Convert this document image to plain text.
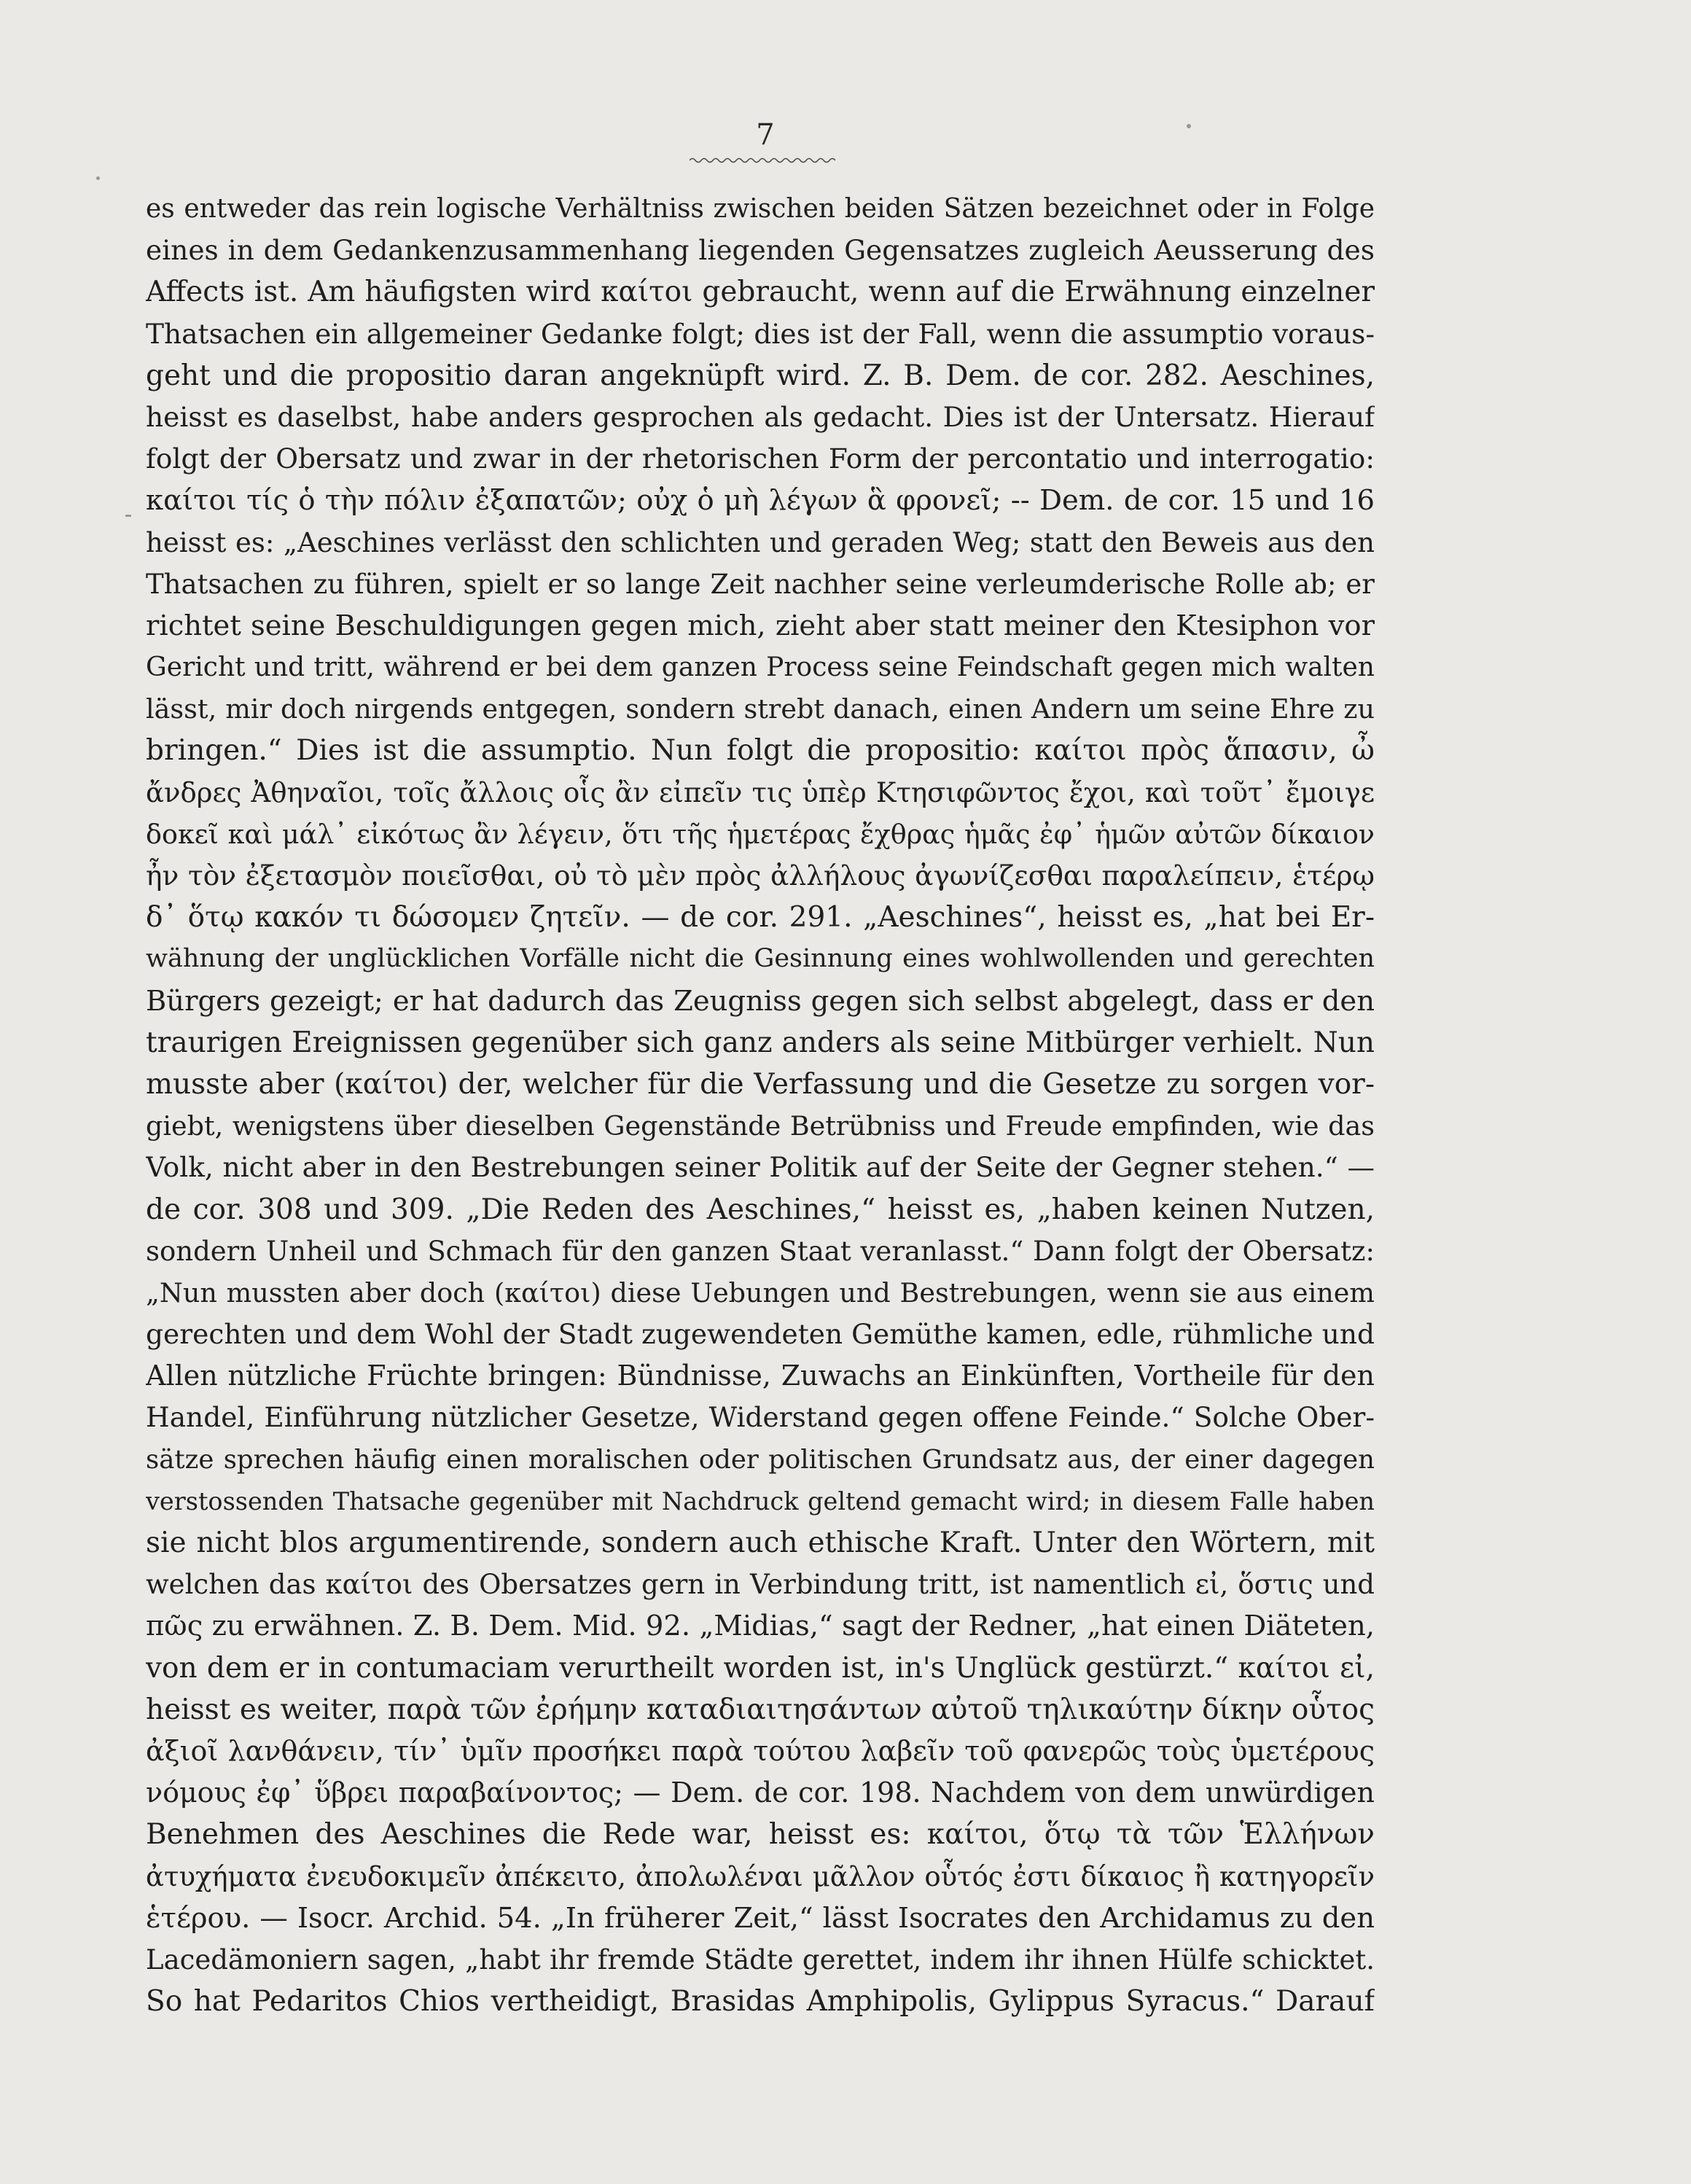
7
es entweder das rein logische Verhältniss zwischen beiden Sätzen bezeichnet oder in Folge
eines in dem Gedankenzusammenhang liegenden Gegensatzes zugleich Aeusserung des
Affects ist. Am häufigsten wird καίτοι gebraucht, wenn auf die Erwähnung einzelner
Thatsachen ein allgemeiner Gedanke folgt; dies ist der Fall, wenn die assumptio voraus-
geht und die propositio daran angeknüpft wird. Z. B. Dem. de cor. 282. Aeschines,
heisst es daselbst, habe anders gesprochen als gedacht. Dies ist der Untersatz. Hierauf
folgt der Obersatz und zwar in der rhetorischen Form der percontatio und interrogatio:
καίτοι τίς ὁ τὴν πόλιν ἐξαπατῶν; οὐχ ὁ μὴ λέγων ἃ φρονεῖ; -- Dem. de cor. 15 und 16
heisst es: „Aeschines verlässt den schlichten und geraden Weg; statt den Beweis aus den
Thatsachen zu führen, spielt er so lange Zeit nachher seine verleumderische Rolle ab; er
richtet seine Beschuldigungen gegen mich, zieht aber statt meiner den Ktesiphon vor
Gericht und tritt, während er bei dem ganzen Process seine Feindschaft gegen mich walten
lässt, mir doch nirgends entgegen, sondern strebt danach, einen Andern um seine Ehre zu
bringen.“ Dies ist die assumptio. Nun folgt die propositio: καίτοι πρὸς ἅπασιν, ὦ
ἄνδρες Ἀθηναῖοι, τοῖς ἄλλοις οἷς ἂν εἰπεῖν τις ὑπὲρ Κτησιφῶντος ἔχοι, καὶ τοῦτ᾽ ἔμοιγε
δοκεῖ καὶ μάλ᾽ εἰκότως ἂν λέγειν, ὅτι τῆς ἡμετέρας ἔχθρας ἡμᾶς ἐφ᾽ ἡμῶν αὐτῶν δίκαιον
ἦν τὸν ἐξετασμὸν ποιεῖσθαι, οὐ τὸ μὲν πρὸς ἀλλήλους ἀγωνίζεσθαι παραλείπειν, ἑτέρῳ
δ᾽ ὅτῳ κακόν τι δώσομεν ζητεῖν. — de cor. 291. „Aeschines“, heisst es, „hat bei Er-
wähnung der unglücklichen Vorfälle nicht die Gesinnung eines wohlwollenden und gerechten
Bürgers gezeigt; er hat dadurch das Zeugniss gegen sich selbst abgelegt, dass er den
traurigen Ereignissen gegenüber sich ganz anders als seine Mitbürger verhielt. Nun
musste aber (καίτοι) der, welcher für die Verfassung und die Gesetze zu sorgen vor-
giebt, wenigstens über dieselben Gegenstände Betrübniss und Freude empfinden, wie das
Volk, nicht aber in den Bestrebungen seiner Politik auf der Seite der Gegner stehen.“ —
de cor. 308 und 309. „Die Reden des Aeschines,“ heisst es, „haben keinen Nutzen,
sondern Unheil und Schmach für den ganzen Staat veranlasst.“ Dann folgt der Obersatz:
„Nun mussten aber doch (καίτοι) diese Uebungen und Bestrebungen, wenn sie aus einem
gerechten und dem Wohl der Stadt zugewendeten Gemüthe kamen, edle, rühmliche und
Allen nützliche Früchte bringen: Bündnisse, Zuwachs an Einkünften, Vortheile für den
Handel, Einführung nützlicher Gesetze, Widerstand gegen offene Feinde.“ Solche Ober-
sätze sprechen häufig einen moralischen oder politischen Grundsatz aus, der einer dagegen
verstossenden Thatsache gegenüber mit Nachdruck geltend gemacht wird; in diesem Falle haben
sie nicht blos argumentirende, sondern auch ethische Kraft. Unter den Wörtern, mit
welchen das καίτοι des Obersatzes gern in Verbindung tritt, ist namentlich εἰ, ὅστις und
πῶς zu erwähnen. Z. B. Dem. Mid. 92. „Midias,“ sagt der Redner, „hat einen Diäteten,
von dem er in contumaciam verurtheilt worden ist, in's Unglück gestürzt.“ καίτοι εἰ,
heisst es weiter, παρὰ τῶν ἐρήμην καταδιαιτησάντων αὐτοῦ τηλικαύτην δίκην οὗτος
ἀξιοῖ λανθάνειν, τίν᾽ ὑμῖν προσήκει παρὰ τούτου λαβεῖν τοῦ φανερῶς τοὺς ὑμετέρους
νόμους ἐφ᾽ ὕβρει παραβαίνοντος; — Dem. de cor. 198. Nachdem von dem unwürdigen
Benehmen des Aeschines die Rede war, heisst es: καίτοι, ὅτῳ τὰ τῶν Ἑλλήνων
ἀτυχήματα ἐνευδοκιμεῖν ἀπέκειτο, ἀπολωλέναι μᾶλλον οὗτός ἐστι δίκαιος ἢ κατηγορεῖν
ἑτέρου. — Isocr. Archid. 54. „In früherer Zeit,“ lässt Isocrates den Archidamus zu den
Lacedämoniern sagen, „habt ihr fremde Städte gerettet, indem ihr ihnen Hülfe schicktet.
So hat Pedaritos Chios vertheidigt, Brasidas Amphipolis, Gylippus Syracus.“ Darauf
